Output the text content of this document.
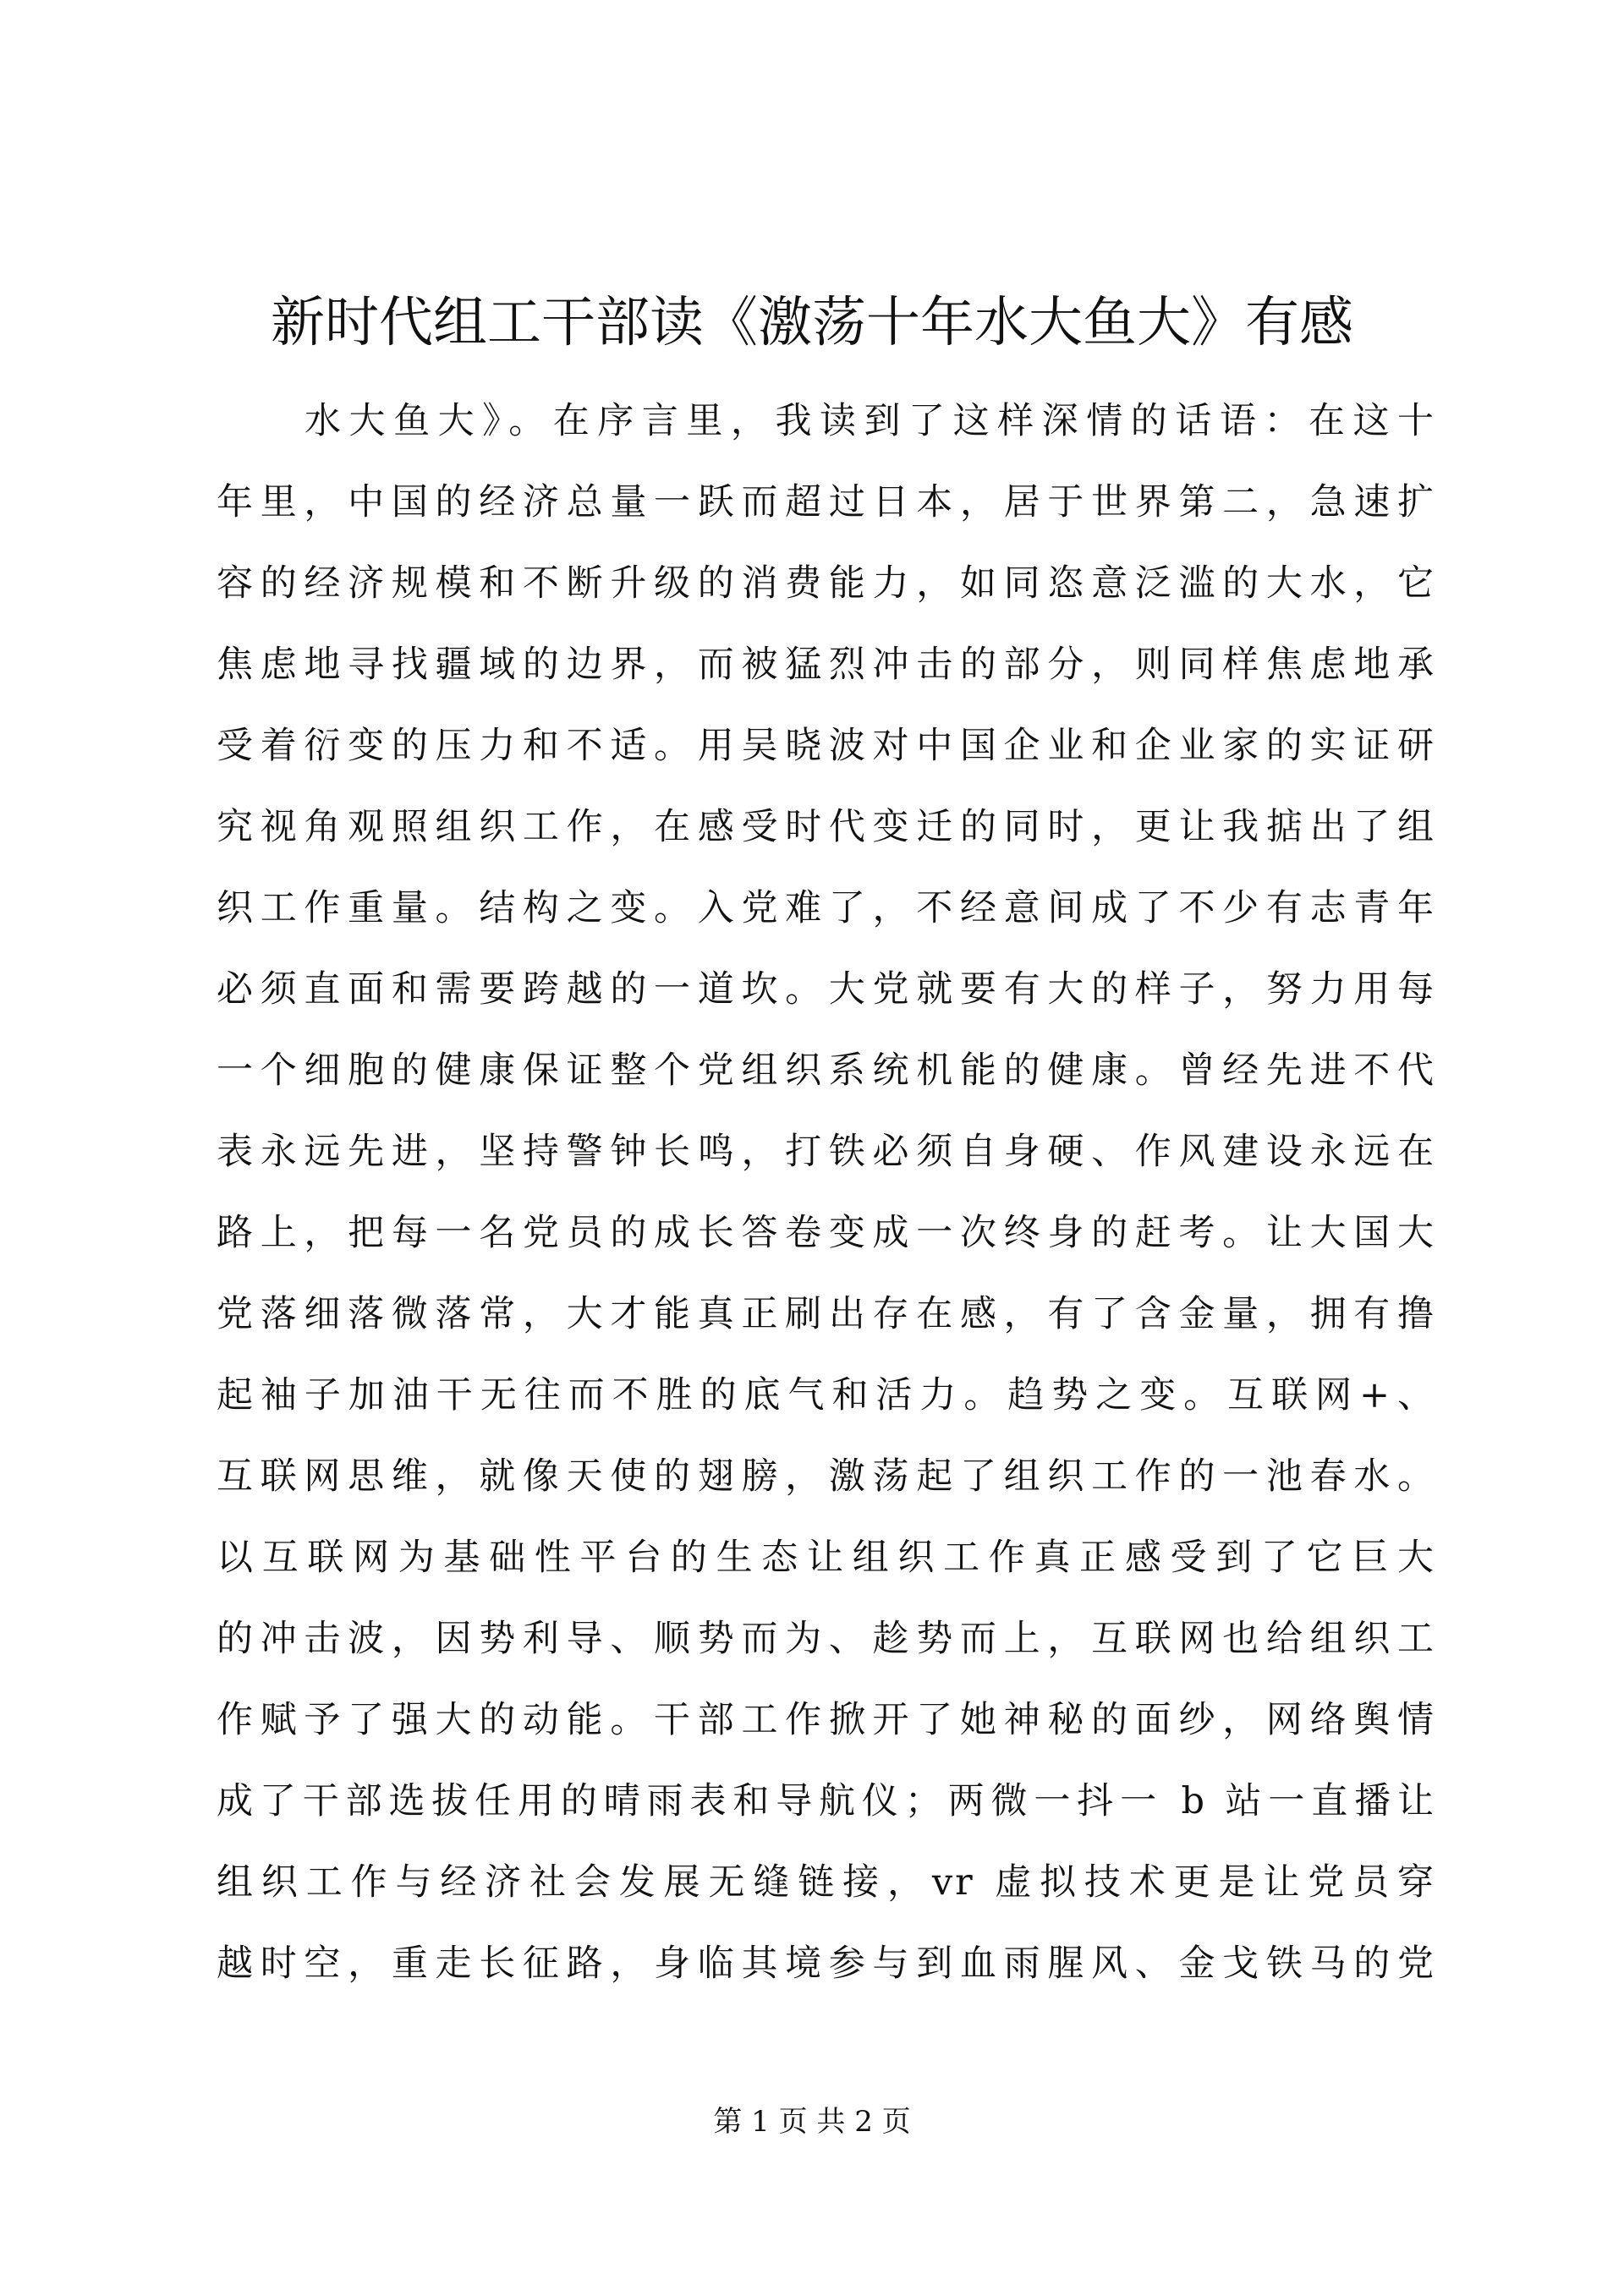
新时代组工干部读《激荡十年水大鱼大》有感
水大鱼大》。在序言里，我读到了这样深情的话语：在这十
年里，中国的经济总量一跃而超过日本，居于世界第二，急速扩
容的经济规模和不断升级的消费能力，如同恣意泛滥的大水，它
焦虑地寻找疆域的边界，而被猛烈冲击的部分，则同样焦虑地承
受着衍变的压力和不适。用吴晓波对中国企业和企业家的实证研
究视角观照组织工作，在感受时代变迁的同时，更让我掂出了组
织工作重量。结构之变。入党难了，不经意间成了不少有志青年
必须直面和需要跨越的一道坎。大党就要有大的样子，努力用每
一个细胞的健康保证整个党组织系统机能的健康。曾经先进不代
表永远先进，坚持警钟长鸣，打铁必须自身硬、作风建设永远在
路上，把每一名党员的成长答卷变成一次终身的赶考。让大国大
党落细落微落常，大才能真正刷出存在感，有了含金量，拥有撸
起袖子加油干无往而不胜的底气和活力。趋势之变。互联网+、
互联网思维，就像天使的翅膀，激荡起了组织工作的一池春水。
以互联网为基础性平台的生态让组织工作真正感受到了它巨大
的冲击波，因势利导、顺势而为、趁势而上，互联网也给组织工
作赋予了强大的动能。干部工作掀开了她神秘的面纱，网络舆情
成了干部选拔任用的晴雨表和导航仪；两微一抖一 b 站一直播让
组织工作与经济社会发展无缝链接，vr 虚拟技术更是让党员穿
越时空，重走长征路，身临其境参与到血雨腥风、金戈铁马的党
第 1 页 共 2 页
